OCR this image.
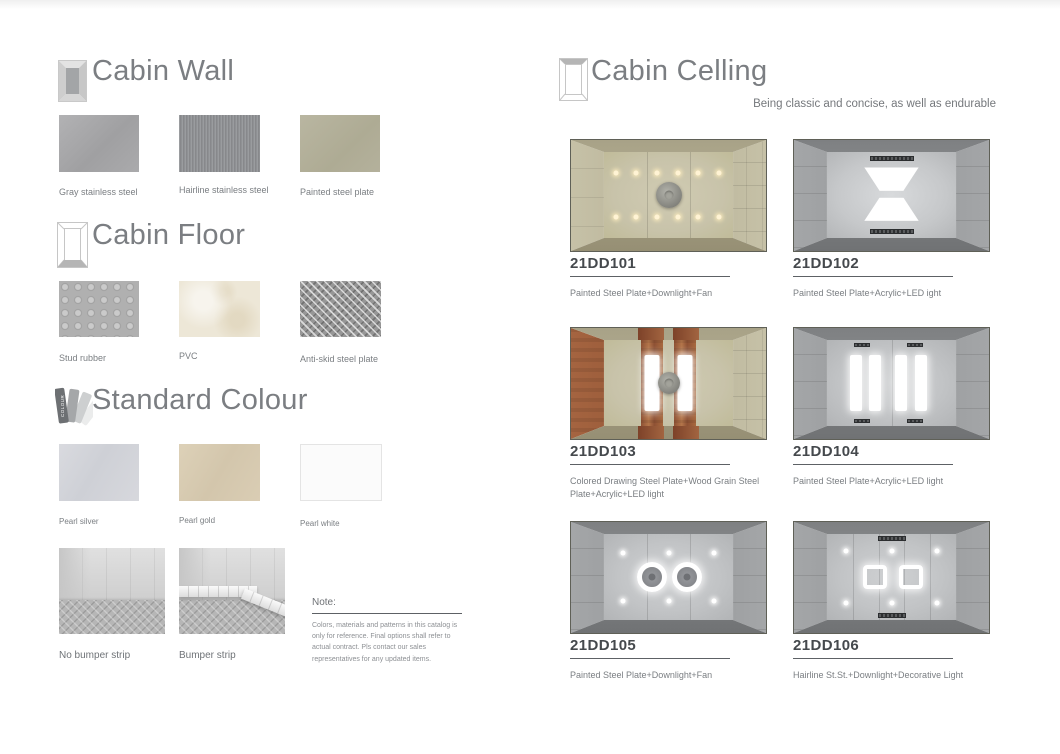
Cabin Wall
Gray stainless steel	Hairline stainless steel	Painted steel plate
Cabin Floor
Stud rubber	PVC	Anti-skid steel plate
COLOUR Standard Colour
Pearl silver	Pearl gold	Pearl white
No bumper strip	Bumper strip
Note:
Colors, materials and patterns in this catalog is only for reference. Final options shall refer to actual contract. Pls contact our sales representatives for any updated items.
Cabin Celling
Being classic and concise, as well as endurable
21DD101
Painted Steel Plate+Downlight+Fan
21DD102
Painted Steel Plate+Acrylic+LED ight
21DD103
Colored Drawing Steel Plate+Wood Grain Steel Plate+Acrylic+LED light
21DD104
Painted Steel Plate+Acrylic+LED light
21DD105
Painted Steel Plate+Downlight+Fan
21DD106
Hairline St.St.+Downlight+Decorative Light
